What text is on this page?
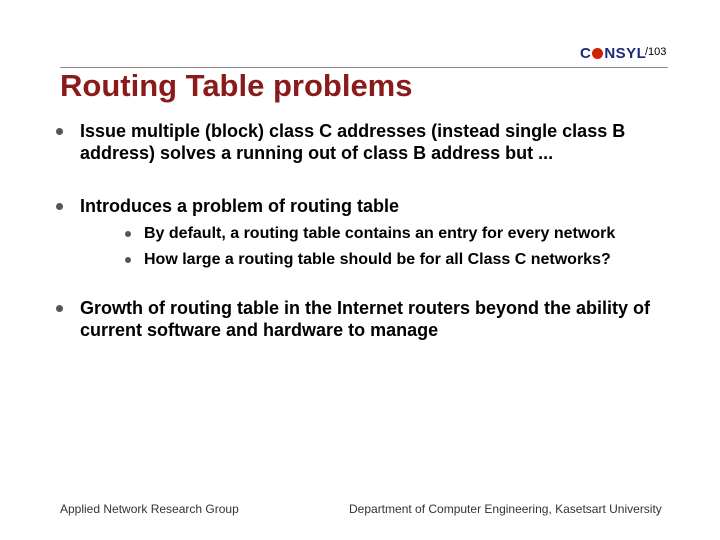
C NSYL
/103
Routing Table problems
Issue multiple (block) class C addresses (instead single class B address) solves a running out of class B address but ...
Introduces a problem of routing table
By default, a routing table contains an entry for every network
How large a routing table should be for all Class C networks?
Growth of routing table in the Internet routers beyond the ability of current software and hardware to manage
Applied Network Research Group	Department of Computer Engineering, Kasetsart University
